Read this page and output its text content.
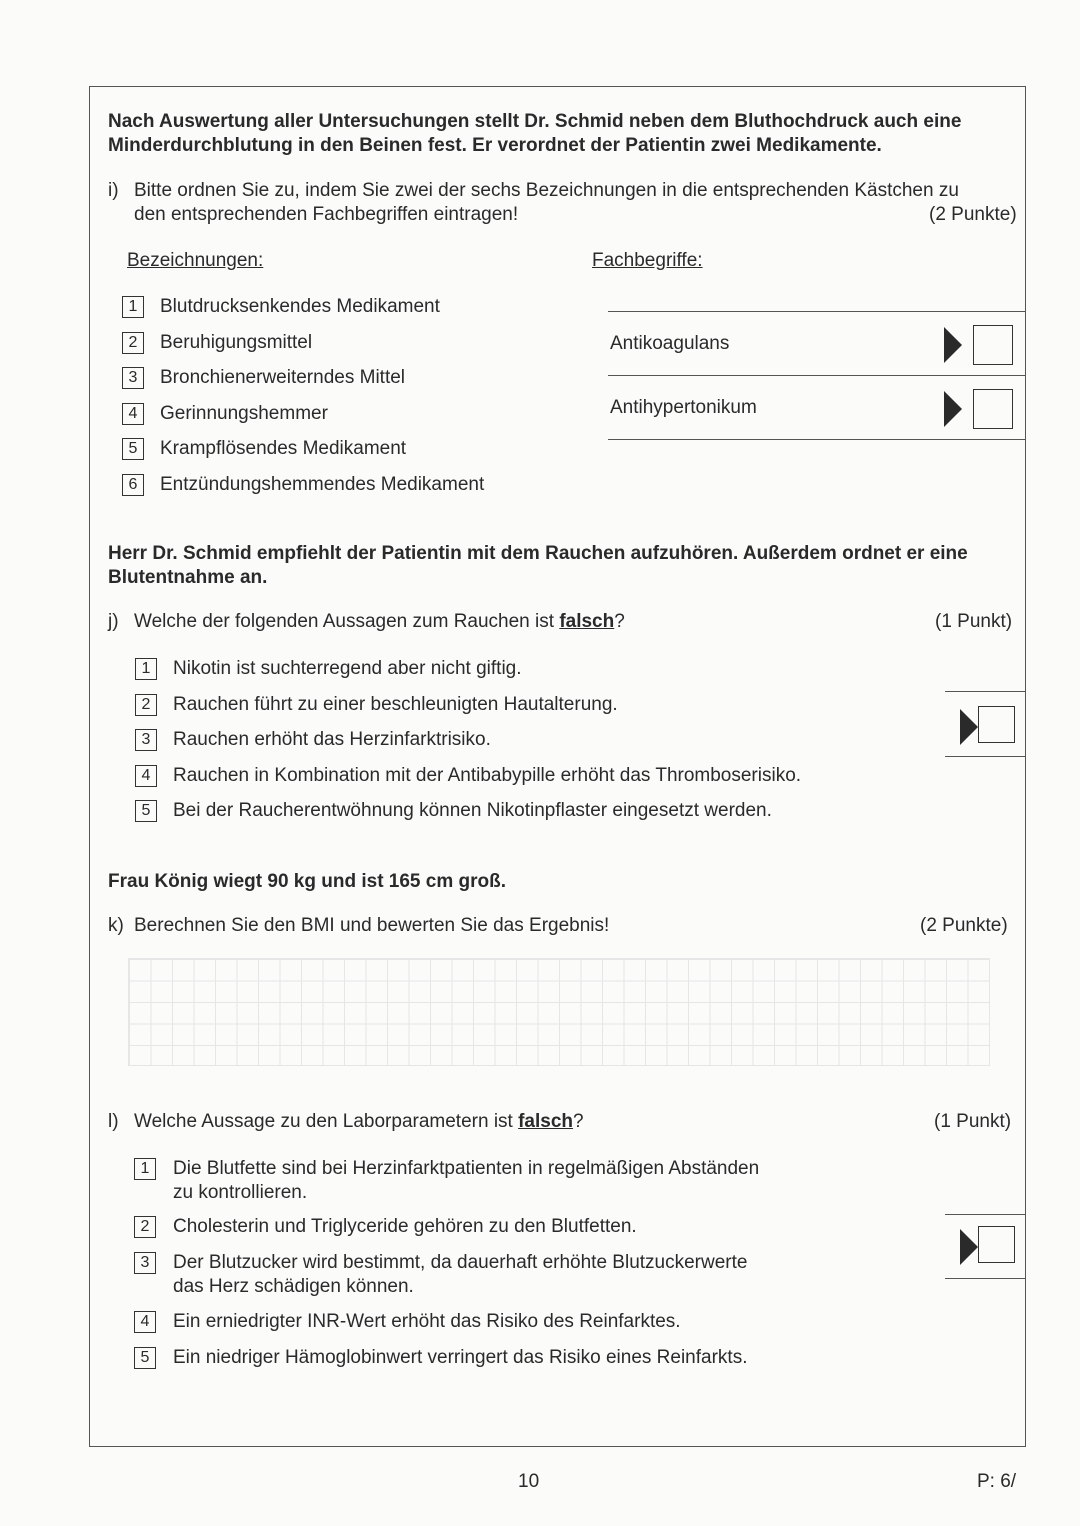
Nach Auswertung aller Untersuchungen stellt Dr. Schmid neben dem Bluthochdruck auch eine Minderdurchblutung in den Beinen fest. Er verordnet der Patientin zwei Medikamente.
i) Bitte ordnen Sie zu, indem Sie zwei der sechs Bezeichnungen in die entsprechenden Kästchen zu
den entsprechenden Fachbegriffen eintragen!	(2 Punkte)
Bezeichnungen:	Fachbegriffe:
1	Blutdrucksenkendes Medikament
2	Beruhigungsmittel
3	Bronchienerweiterndes Mittel
4	Gerinnungshemmer
5	Krampflösendes Medikament
6	Entzündungshemmendes Medikament
Antikoagulans
Antihypertonikum
Herr Dr. Schmid empfiehlt der Patientin mit dem Rauchen aufzuhören. Außerdem ordnet er eine Blutentnahme an.
j) Welche der folgenden Aussagen zum Rauchen ist falsch?	(1 Punkt)
1	Nikotin ist suchterregend aber nicht giftig.
2	Rauchen führt zu einer beschleunigten Hautalterung.
3	Rauchen erhöht das Herzinfarktrisiko.
4	Rauchen in Kombination mit der Antibabypille erhöht das Thromboserisiko.
5	Bei der Raucherentwöhnung können Nikotinpflaster eingesetzt werden.
Frau König wiegt 90 kg und ist 165 cm groß.
k) Berechnen Sie den BMI und bewerten Sie das Ergebnis!	(2 Punkte)
l) Welche Aussage zu den Laborparametern ist falsch?	(1 Punkt)
1	Die Blutfette sind bei Herzinfarktpatienten in regelmäßigen Abständen
zu kontrollieren.
2	Cholesterin und Triglyceride gehören zu den Blutfetten.
3	Der Blutzucker wird bestimmt, da dauerhaft erhöhte Blutzuckerwerte
das Herz schädigen können.
4	Ein erniedrigter INR-Wert erhöht das Risiko des Reinfarktes.
5	Ein niedriger Hämoglobinwert verringert das Risiko eines Reinfarkts.
10	P: 6/
